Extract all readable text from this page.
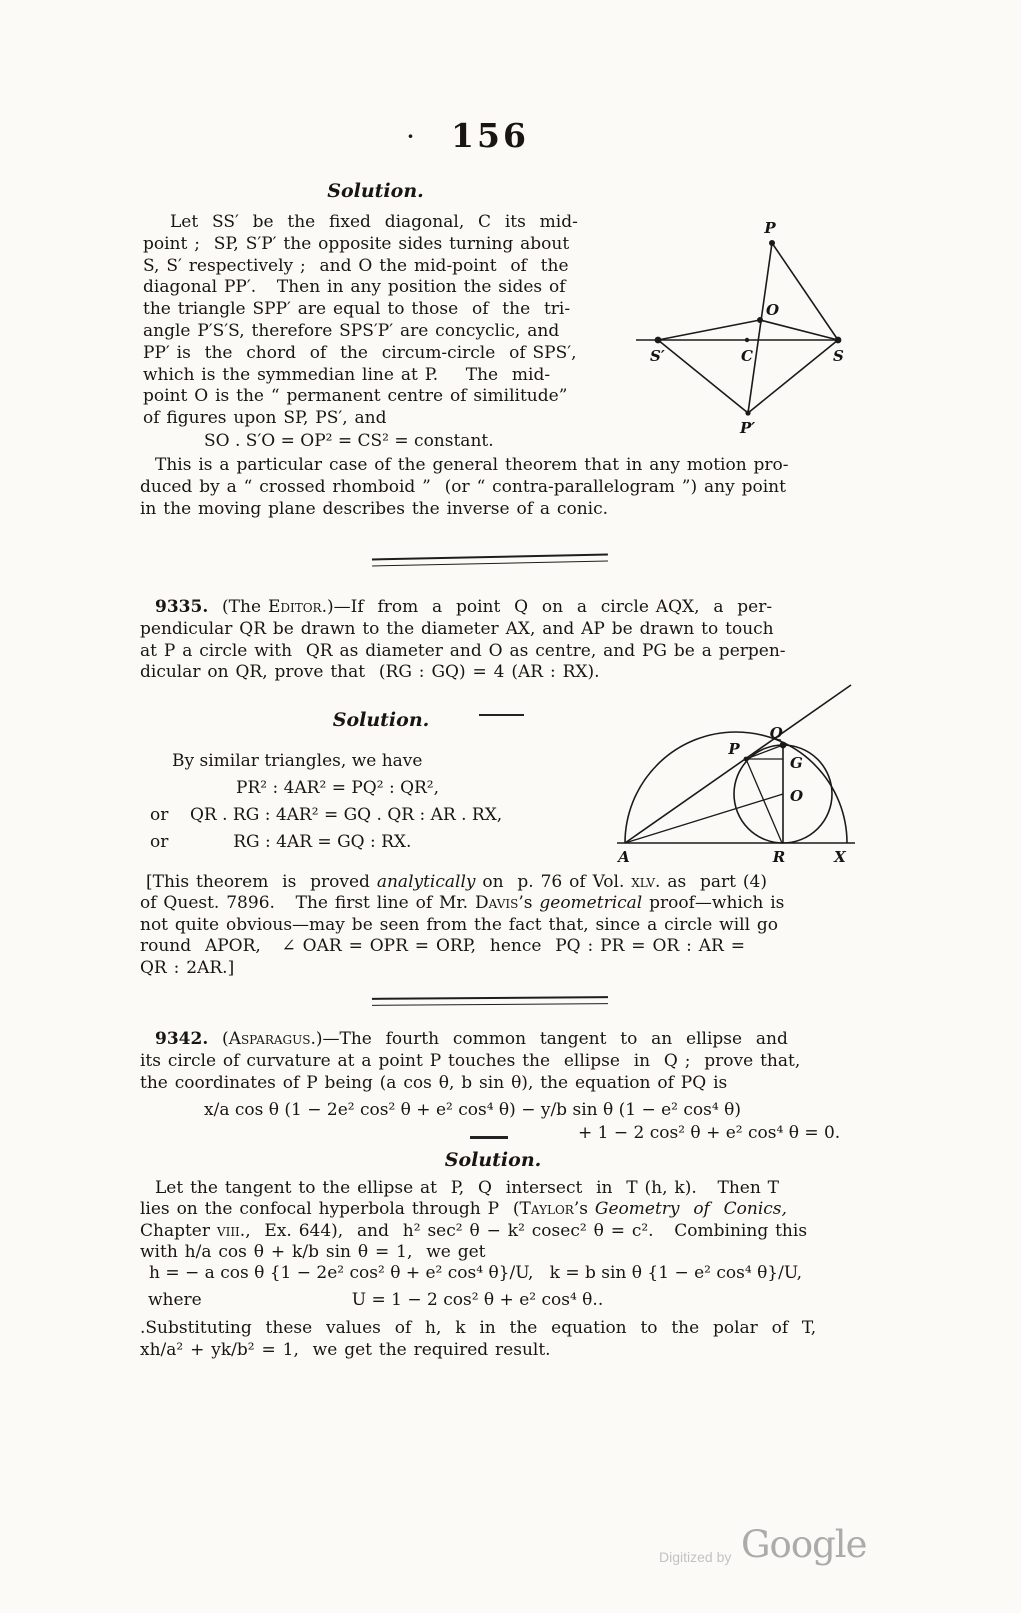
156
·
Solution.
Let  SS′  be  the  fixed  diagonal,  C  its  mid-
point ;  SP, S′P′ the opposite sides turning about
S, S′ respectively ;  and O the mid-point  of  the
diagonal PP′.   Then in any position the sides of
the triangle SPP′ are equal to those  of  the  tri-
angle P′S′S, therefore SPS′P′ are concyclic, and
PP′ is  the  chord  of  the  circum-circle  of SPS′,
which is the symmedian line at P.    The  mid-
point O is the “ permanent centre of similitude”
of figures upon SP, PS′, and
SO . S′O = OP² = CS² = constant.
This is a particular case of the general theorem that in any motion pro-
duced by a “ crossed rhomboid ”  (or “ contra-parallelogram ”) any point
in the moving plane describes the inverse of a conic.
P
O
S′	C	S
P′
9335.  (The Editor.)—If  from  a  point  Q  on  a  circle AQX,  a  per-
pendicular QR be drawn to the diameter AX, and AP be drawn to touch
at P a circle with  QR as diameter and O as centre, and PG be a perpen-
dicular on QR, prove that  (RG : GQ) = 4 (AR : RX).
Solution.
By similar triangles, we have
PR² : 4AR² = PQ² : QR²,
or    QR . RG : 4AR² = GQ . QR : AR . RX,
or            RG : 4AR = GQ : RX.
P
Q
G
O
A	R	X
[This theorem  is  proved analytically on  p. 76 of Vol. xlv. as  part (4)
of Quest. 7896.   The first line of Mr. Davis’s geometrical proof—which is
not quite obvious—may be seen from the fact that, since a circle will go
round  APOR,   ∠ OAR = OPR = ORP,  hence  PQ : PR = OR : AR =
QR : 2AR.]
9342.  (Asparagus.)—The  fourth  common  tangent  to  an  ellipse  and
its circle of curvature at a point P touches the  ellipse  in  Q ;  prove that,
the coordinates of P being (a cos θ, b sin θ), the equation of PQ is
x/a cos θ (1 − 2e² cos² θ + e² cos⁴ θ) − y/b sin θ (1 − e² cos⁴ θ)
+ 1 − 2 cos² θ + e² cos⁴ θ = 0.
Solution.
Let the tangent to the ellipse at  P,  Q  intersect  in  T (h, k).   Then T
lies on the confocal hyperbola through P  (Taylor’s Geometry  of  Conics,
Chapter viii.,  Ex. 644),  and  h² sec² θ − k² cosec² θ = c².   Combining this
with h/a cos θ + k/b sin θ = 1,  we get
h = − a cos θ {1 − 2e² cos² θ + e² cos⁴ θ}/U,   k = b sin θ {1 − e² cos⁴ θ}/U,
where	U = 1 − 2 cos² θ + e² cos⁴ θ..
.Substituting  these  values  of  h,  k  in  the  equation  to  the  polar  of  T,
xh/a² + yk/b² = 1,  we get the required result.
Digitized by Google
